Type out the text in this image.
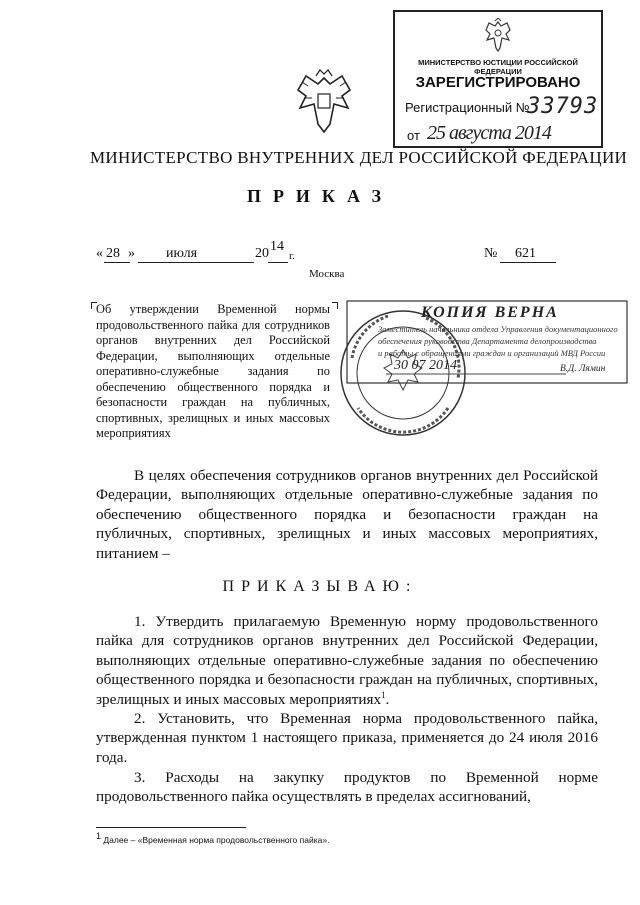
МИНИСТЕРСТВО ЮСТИЦИИ РОССИЙСКОЙ ФЕДЕРАЦИИ
ЗАРЕГИСТРИРОВАНО
Регистрационный №
33793
от 25 августа 2014
МИНИСТЕРСТВО ВНУТРЕННИХ ДЕЛ РОССИЙСКОЙ ФЕДЕРАЦИИ
ПРИКАЗ
« 28 » июля	20 14
г.	№ 621
Москва
Об утверждении Временной нормы продовольственного пайка для сотрудников органов внутренних дел Российской Федерации, выполняющих отдельные оперативно-служебные задания по обеспечению общественного порядка и безопасности граждан на публичных, спортивных, зрелищных и иных массовых мероприятиях
КОПИЯ ВЕРНА
Заместитель начальника отдела Управления документационного
обеспечения руководства Департамента делопроизводства
и работы с обращениями граждан и организаций МВД России
30 07 2014	В.Д. Лямин
В целях обеспечения сотрудников органов внутренних дел Российской Федерации, выполняющих отдельные оперативно-служебные задания по обеспечению общественного порядка и безопасности граждан на публичных, спортивных, зрелищных и иных массовых мероприятиях, питанием –
ПРИКАЗЫВАЮ:
1. Утвердить прилагаемую Временную норму продовольственного пайка для сотрудников органов внутренних дел Российской Федерации, выполняющих отдельные оперативно-служебные задания по обеспечению общественного порядка и безопасности граждан на публичных, спортивных, зрелищных и иных массовых мероприятиях$^1$.
2. Установить, что Временная норма продовольственного пайка, утвержденная пунктом 1 настоящего приказа, применяется до 24 июля 2016 года.
3. Расходы на закупку продуктов по Временной норме продовольственного пайка осуществлять в пределах ассигнований,
$^1$ Далее – «Временная норма продовольственного пайка».
